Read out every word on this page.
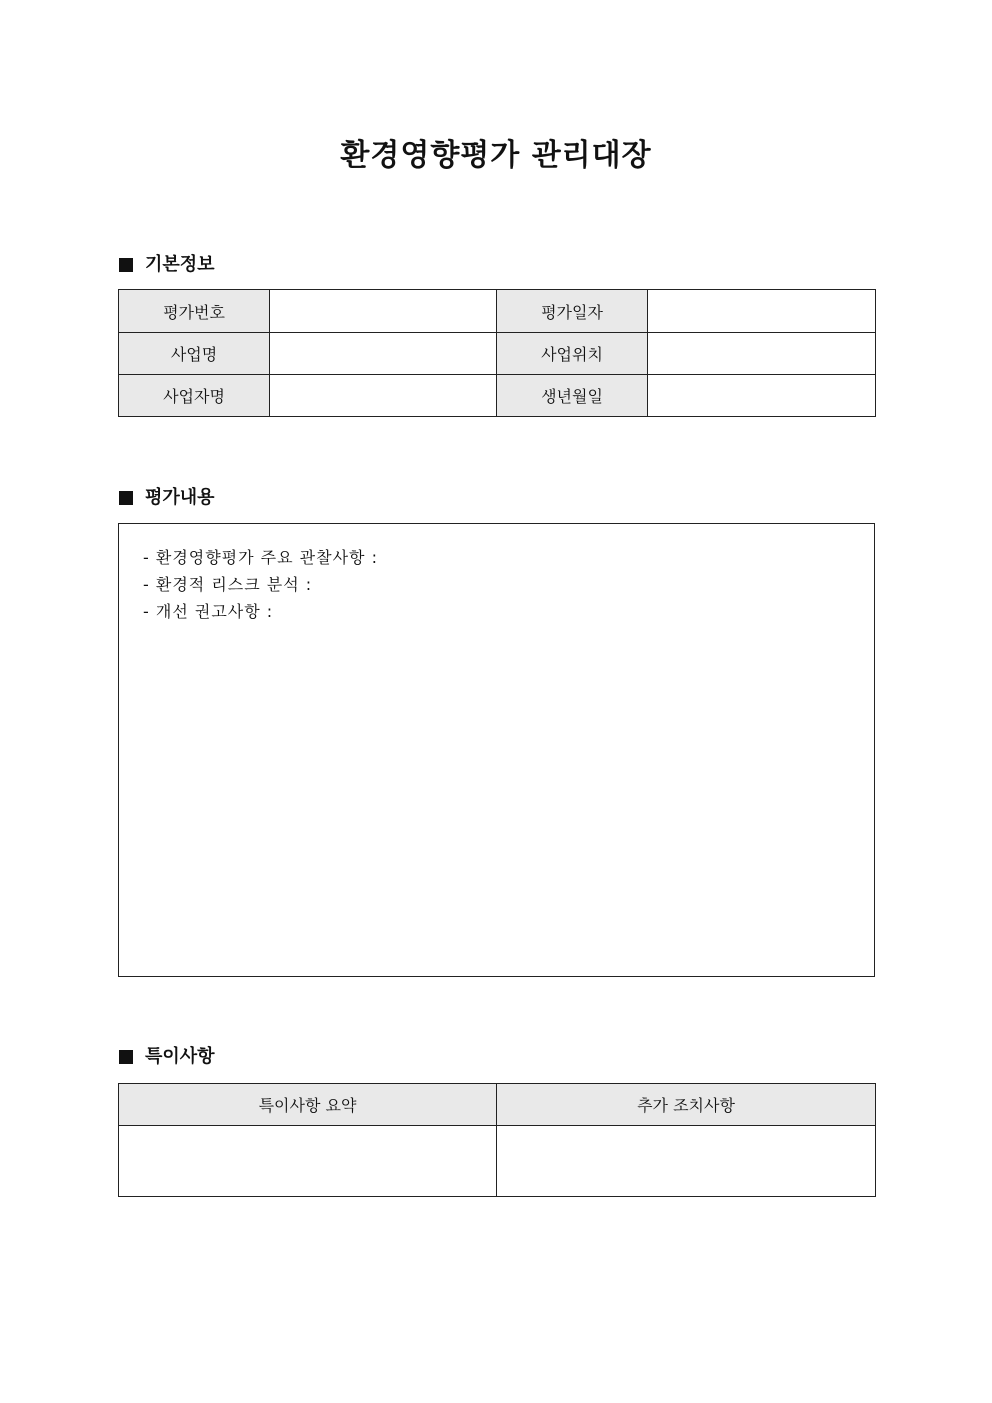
환경영향평가 관리대장
기본정보
평가번호		평가일자	
사업명		사업위치	
사업자명		생년월일	
평가내용
- 환경영향평가 주요 관찰사항 :
- 환경적 리스크 분석 :
- 개선 권고사항 :
특이사항
특이사항 요약	추가 조치사항
